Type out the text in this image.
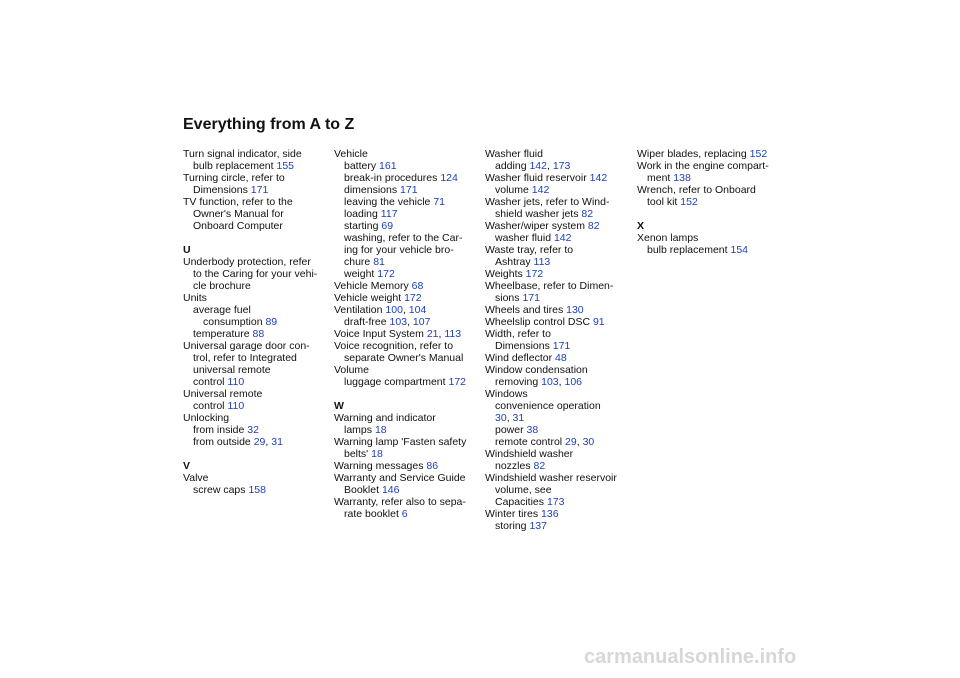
Everything from A to Z
Turn signal indicator, side
bulb replacement 155
Turning circle, refer to
Dimensions 171
TV function, refer to the
Owner's Manual for
Onboard Computer
U
Underbody protection, refer
to the Caring for your vehi-
cle brochure
Units
average fuel
consumption 89
temperature 88
Universal garage door con-
trol, refer to Integrated
universal remote
control 110
Universal remote
control 110
Unlocking
from inside 32
from outside 29, 31
V
Valve
screw caps 158
Vehicle
battery 161
break-in procedures 124
dimensions 171
leaving the vehicle 71
loading 117
starting 69
washing, refer to the Car-
ing for your vehicle bro-
chure 81
weight 172
Vehicle Memory 68
Vehicle weight 172
Ventilation 100, 104
draft-free 103, 107
Voice Input System 21, 113
Voice recognition, refer to
separate Owner's Manual
Volume
luggage compartment 172
W
Warning and indicator
lamps 18
Warning lamp 'Fasten safety
belts' 18
Warning messages 86
Warranty and Service Guide
Booklet 146
Warranty, refer also to sepa-
rate booklet 6
Washer fluid
adding 142, 173
Washer fluid reservoir 142
volume 142
Washer jets, refer to Wind-
shield washer jets 82
Washer/wiper system 82
washer fluid 142
Waste tray, refer to
Ashtray 113
Weights 172
Wheelbase, refer to Dimen-
sions 171
Wheels and tires 130
Wheelslip control DSC 91
Width, refer to
Dimensions 171
Wind deflector 48
Window condensation
removing 103, 106
Windows
convenience operation
30, 31
power 38
remote control 29, 30
Windshield washer
nozzles 82
Windshield washer reservoir
volume, see
Capacities 173
Winter tires 136
storing 137
Wiper blades, replacing 152
Work in the engine compart-
ment 138
Wrench, refer to Onboard
tool kit 152
X
Xenon lamps
bulb replacement 154
carmanualsonline.info
